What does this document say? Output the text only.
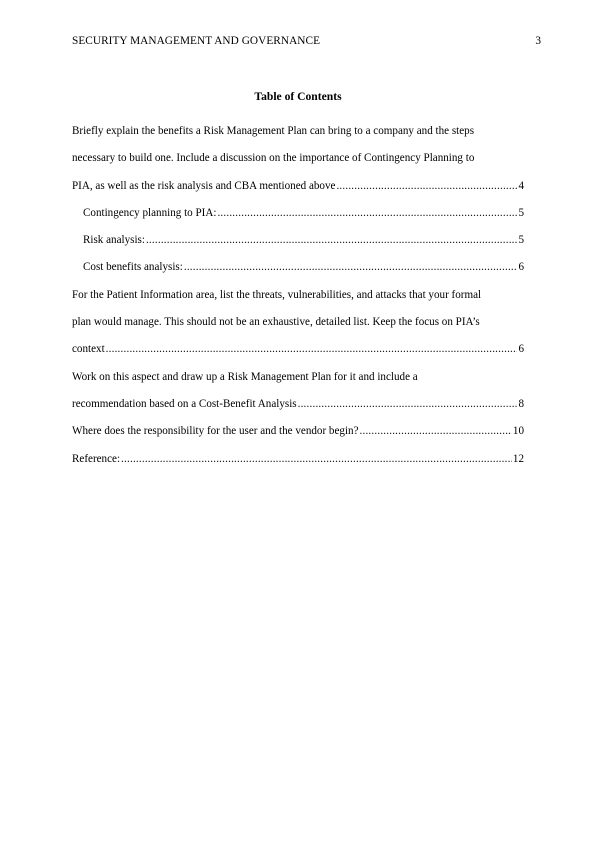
SECURITY MANAGEMENT AND GOVERNANCE	3
Table of Contents
Briefly explain the benefits a Risk Management Plan can bring to a company and the steps
necessary to build one. Include a discussion on the importance of Contingency Planning to
PIA, as well as the risk analysis and CBA mentioned above .....	4
Contingency planning to PIA: .....	5
Risk analysis: .....	5
Cost benefits analysis: .....	6
For the Patient Information area, list the threats, vulnerabilities, and attacks that your formal
plan would manage. This should not be an exhaustive, detailed list. Keep the focus on PIA’s
context .....	6
Work on this aspect and draw up a Risk Management Plan for it and include a
recommendation based on a Cost-Benefit Analysis .....	8
Where does the responsibility for the user and the vendor begin? .....	10
Reference: .....	12
